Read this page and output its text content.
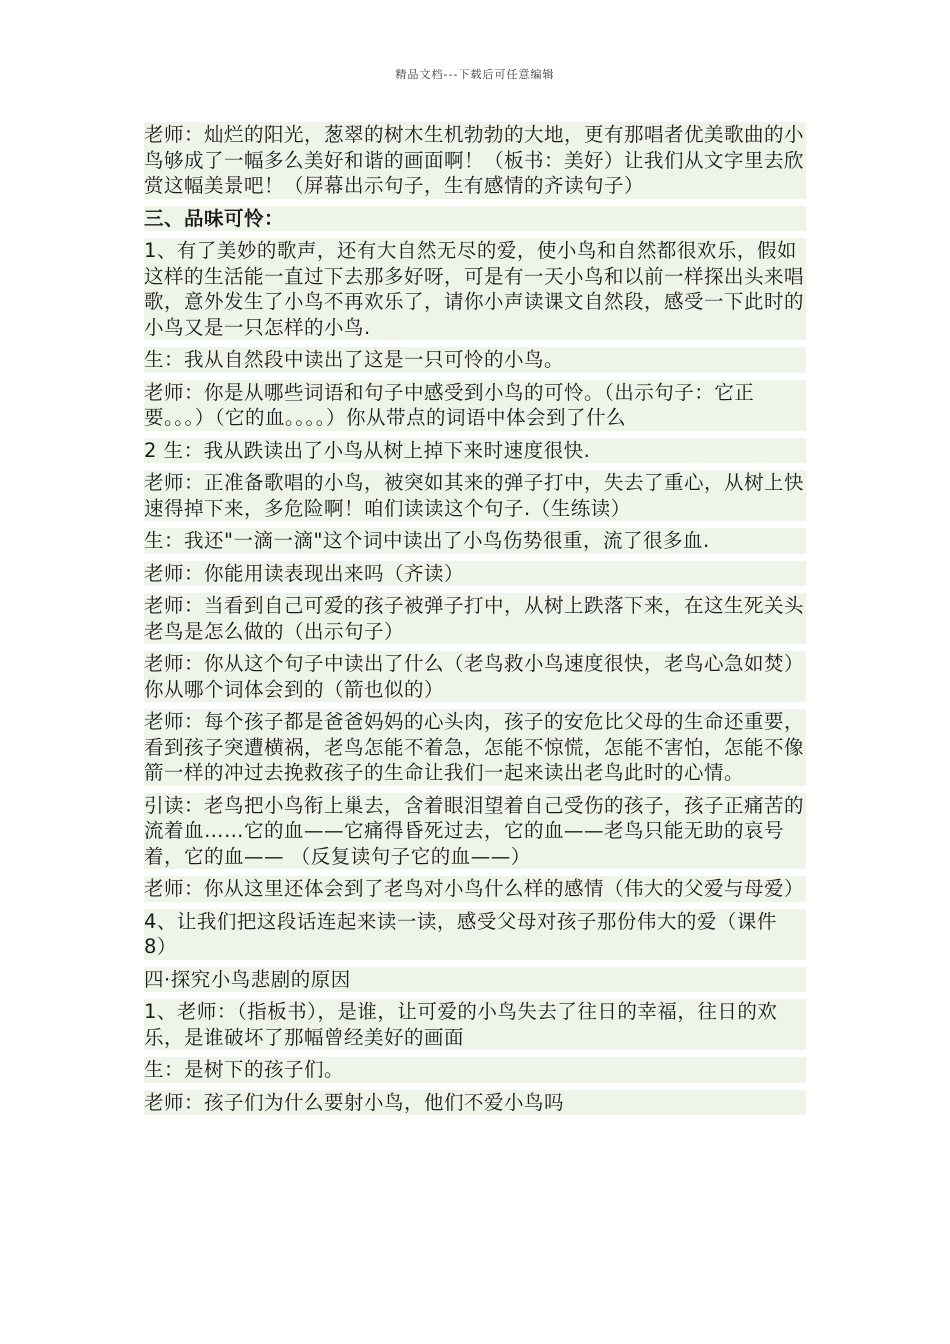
精品文档---下载后可任意编辑

老师：灿烂的阳光，葱翠的树木生机勃勃的大地，更有那唱者优美歌曲的小鸟够成了一幅多么美好和谐的画面啊！（板书：美好）让我们从文字里去欣赏这幅美景吧！（屏幕出示句子，生有感情的齐读句子）

三、品味可怜：

1、有了美妙的歌声，还有大自然无尽的爱，使小鸟和自然都很欢乐，假如这样的生活能一直过下去那多好呀，可是有一天小鸟和以前一样探出头来唱歌，意外发生了小鸟不再欢乐了，请你小声读课文自然段，感受一下此时的小鸟又是一只怎样的小鸟.

生：我从自然段中读出了这是一只可怜的小鸟。

老师：你是从哪些词语和句子中感受到小鸟的可怜。（出示句子：它正要。。。）（它的血。。。。）你从带点的词语中体会到了什么

2 生：我从跌读出了小鸟从树上掉下来时速度很快.

老师：正准备歌唱的小鸟，被突如其来的弹子打中，失去了重心，从树上快速得掉下来，多危险啊！咱们读读这个句子.（生练读）

生：我还"一滴一滴"这个词中读出了小鸟伤势很重，流了很多血.

老师：你能用读表现出来吗（齐读）

老师：当看到自己可爱的孩子被弹子打中，从树上跌落下来，在这生死关头老鸟是怎么做的（出示句子）

老师：你从这个句子中读出了什么（老鸟救小鸟速度很快，老鸟心急如焚）你从哪个词体会到的（箭也似的）

老师：每个孩子都是爸爸妈妈的心头肉，孩子的安危比父母的生命还重要，看到孩子突遭横祸，老鸟怎能不着急，怎能不惊慌，怎能不害怕，怎能不像箭一样的冲过去挽救孩子的生命让我们一起来读出老鸟此时的心情。

引读：老鸟把小鸟衔上巢去，含着眼泪望着自己受伤的孩子，孩子正痛苦的流着血……它的血——它痛得昏死过去，它的血——老鸟只能无助的哀号着，它的血—— （反复读句子它的血——）

老师：你从这里还体会到了老鸟对小鸟什么样的感情（伟大的父爱与母爱）

4、让我们把这段话连起来读一读，感受父母对孩子那份伟大的爱（课件 8）

四·探究小鸟悲剧的原因

1、老师：（指板书），是谁，让可爱的小鸟失去了往日的幸福，往日的欢乐，是谁破坏了那幅曾经美好的画面

生：是树下的孩子们。

老师：孩子们为什么要射小鸟，他们不爱小鸟吗
